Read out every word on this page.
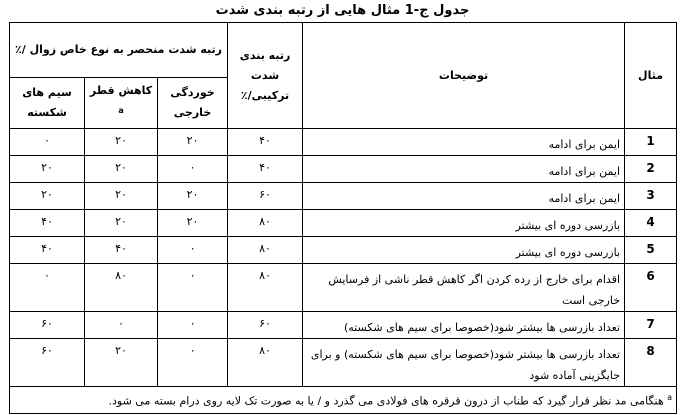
جدول ج-1 مثال هایی از رتبه بندی شدت
مثال	توضیحات	رتبه بندی شدت ترکیبی/٪	رتبه شدت منحصر به نوع خاص زوال /٪		
			خوردگی خارجی	کاهش قطر $^a$	سیم های شکسته
1	ایمن برای ادامه	۴۰	۲۰	۲۰	۰
2	ایمن برای ادامه	۴۰	۰	۲۰	۲۰
3	ایمن برای ادامه	۶۰	۲۰	۲۰	۲۰
4	بازرسی دوره ای بیشتر	۸۰	۲۰	۲۰	۴۰
5	بازرسی دوره ای بیشتر	۸۰	۰	۴۰	۴۰
6	اقدام برای خارج از رده کردن اگر کاهش قطر ناشی از فرسایش خارجی است	۸۰	۰	۸۰	۰
7	تعداد بازرسی ها بیشتر شود(خصوصا برای سیم های شکسته)	۶۰	۰	۰	۶۰
8	تعداد بازرسی ها بیشتر شود(خصوصا برای سیم های شکسته) و برای جایگزینی آماده شود	۸۰	۰	۲۰	۶۰
$^a$ هنگامی مد نظر قرار گیرد که طناب از درون قرقره های فولادی می گذرد و / یا به صورت تک لایه روی درام بسته می شود.					
